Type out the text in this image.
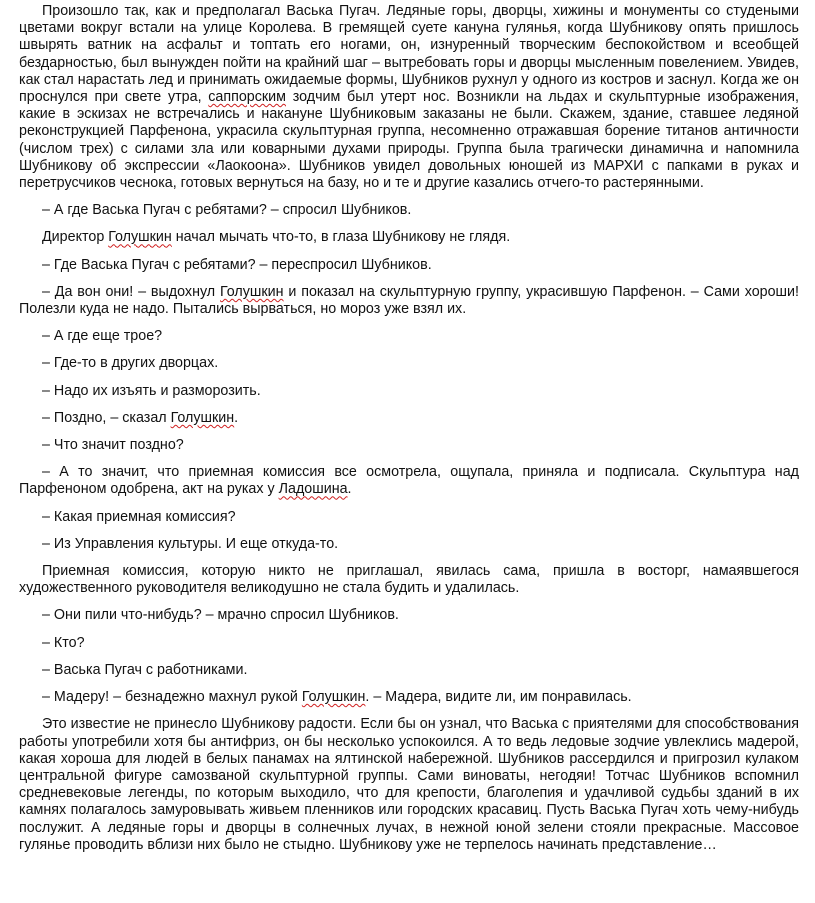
Произошло так, как и предполагал Васька Пугач. Ледяные горы, дворцы, хижины и монументы со студеными цветами вокруг встали на улице Королева. В гремящей суете кануна гулянья, когда Шубникову опять пришлось швырять ватник на асфальт и топтать его ногами, он, изнуренный творческим беспокойством и всеобщей бездарностью, был вынужден пойти на крайний шаг – вытребовать горы и дворцы мысленным повелением. Увидев, как стал нарастать лед и принимать ожидаемые формы, Шубников рухнул у одного из костров и заснул. Когда же он проснулся при свете утра, саппорским зодчим был утерт нос. Возникли на льдах и скульптурные изображения, какие в эскизах не встречались и накануне Шубниковым заказаны не были. Скажем, здание, ставшее ледяной реконструкцией Парфенона, украсила скульптурная группа, несомненно отражавшая борение титанов античности (числом трех) с силами зла или коварными духами природы. Группа была трагически динамична и напомнила Шубникову об экспрессии «Лаокоона». Шубников увидел довольных юношей из МАРХИ с папками в руках и перетрусчиков чеснока, готовых вернуться на базу, но и те и другие казались отчего-то растерянными.

– А где Васька Пугач с ребятами? – спросил Шубников.

Директор Голушкин начал мычать что-то, в глаза Шубникову не глядя.

– Где Васька Пугач с ребятами? – переспросил Шубников.

– Да вон они! – выдохнул Голушкин и показал на скульптурную группу, украсившую Парфенон. – Сами хороши! Полезли куда не надо. Пытались вырваться, но мороз уже взял их.

– А где еще трое?

– Где-то в других дворцах.

– Надо их изъять и разморозить.

– Поздно, – сказал Голушкин.

– Что значит поздно?

– А то значит, что приемная комиссия все осмотрела, ощупала, приняла и подписала. Скульптура над Парфеноном одобрена, акт на руках у Ладошина.

– Какая приемная комиссия?

– Из Управления культуры. И еще откуда-то.

Приемная комиссия, которую никто не приглашал, явилась сама, пришла в восторг, намаявшегося художественного руководителя великодушно не стала будить и удалилась.

– Они пили что-нибудь? – мрачно спросил Шубников.

– Кто?

– Васька Пугач с работниками.

– Мадеру! – безнадежно махнул рукой Голушкин. – Мадера, видите ли, им понравилась.

Это известие не принесло Шубникову радости. Если бы он узнал, что Васька с приятелями для способствования работы употребили хотя бы антифриз, он бы несколько успокоился. А то ведь ледовые зодчие увлеклись мадерой, какая хороша для людей в белых панамах на ялтинской набережной. Шубников рассердился и пригрозил кулаком центральной фигуре самозваной скульптурной группы. Сами виноваты, негодяи! Тотчас Шубников вспомнил средневековые легенды, по которым выходило, что для крепости, благолепия и удачливой судьбы зданий в их камнях полагалось замуровывать живьем пленников или городских красавиц. Пусть Васька Пугач хоть чему-нибудь послужит. А ледяные горы и дворцы в солнечных лучах, в нежной юной зелени стояли прекрасные. Массовое гулянье проводить вблизи них было не стыдно. Шубникову уже не терпелось начинать представление…
